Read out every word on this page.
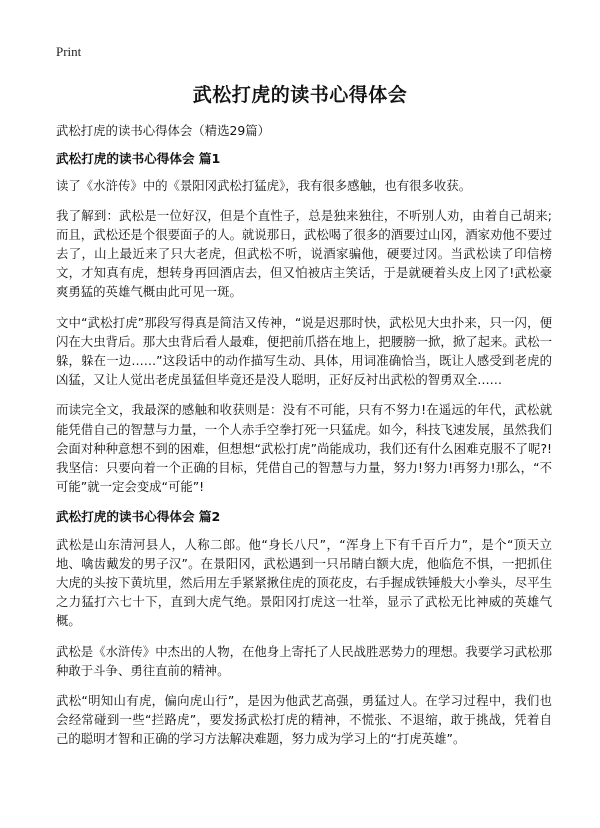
Print
武松打虎的读书心得体会

武松打虎的读书心得体会（精选29篇）

武松打虎的读书心得体会 篇1

读了《水浒传》中的《景阳冈武松打猛虎》，我有很多感触，也有很多收获。

我了解到：武松是一位好汉，但是个直性子，总是独来独往，不听别人劝，由着自己胡来;而且，武松还是个很要面子的人。就说那日，武松喝了很多的酒要过山冈，酒家劝他不要过去了，山上最近来了只大老虎，但武松不听，说酒家骗他，硬要过冈。当武松读了印信榜文，才知真有虎，想转身再回酒店去，但又怕被店主笑话，于是就硬着头皮上冈了!武松豪爽勇猛的英雄气概由此可见一斑。

文中“武松打虎”那段写得真是简洁又传神，“说是迟那时快，武松见大虫扑来，只一闪，便闪在大虫背后。那大虫背后看人最难，便把前爪搭在地上，把腰膀一掀，掀了起来。武松一躲，躲在一边……”这段话中的动作描写生动、具体，用词准确恰当，既让人感受到老虎的凶猛，又让人觉出老虎虽猛但毕竟还是没人聪明，正好反衬出武松的智勇双全……

而读完全文，我最深的感触和收获则是：没有不可能，只有不努力!在遥远的年代，武松就能凭借自己的智慧与力量，一个人赤手空拳打死一只猛虎。如今，科技飞速发展，虽然我们会面对种种意想不到的困难，但想想“武松打虎”尚能成功，我们还有什么困难克服不了呢?!我坚信：只要向着一个正确的目标，凭借自己的智慧与力量，努力!努力!再努力!那么，“不可能”就一定会变成“可能”!

武松打虎的读书心得体会 篇2

武松是山东清河县人，人称二郎。他“身长八尺”，“浑身上下有千百斤力”，是个“顶天立地、噙齿戴发的男子汉”。在景阳冈，武松遇到一只吊睛白额大虎，他临危不惧，一把抓住大虎的头按下黄坑里，然后用左手紧紧揪住虎的顶花皮，右手握成铁锤般大小拳头，尽平生之力猛打六七十下，直到大虎气绝。景阳冈打虎这一壮举，显示了武松无比神威的英雄气概。

武松是《水浒传》中杰出的人物，在他身上寄托了人民战胜恶势力的理想。我要学习武松那种敢于斗争、勇往直前的精神。

武松“明知山有虎，偏向虎山行”，是因为他武艺高强，勇猛过人。在学习过程中，我们也会经常碰到一些“拦路虎”，要发扬武松打虎的精神，不慌张、不退缩，敢于挑战，凭着自己的聪明才智和正确的学习方法解决难题，努力成为学习上的“打虎英雄”。
